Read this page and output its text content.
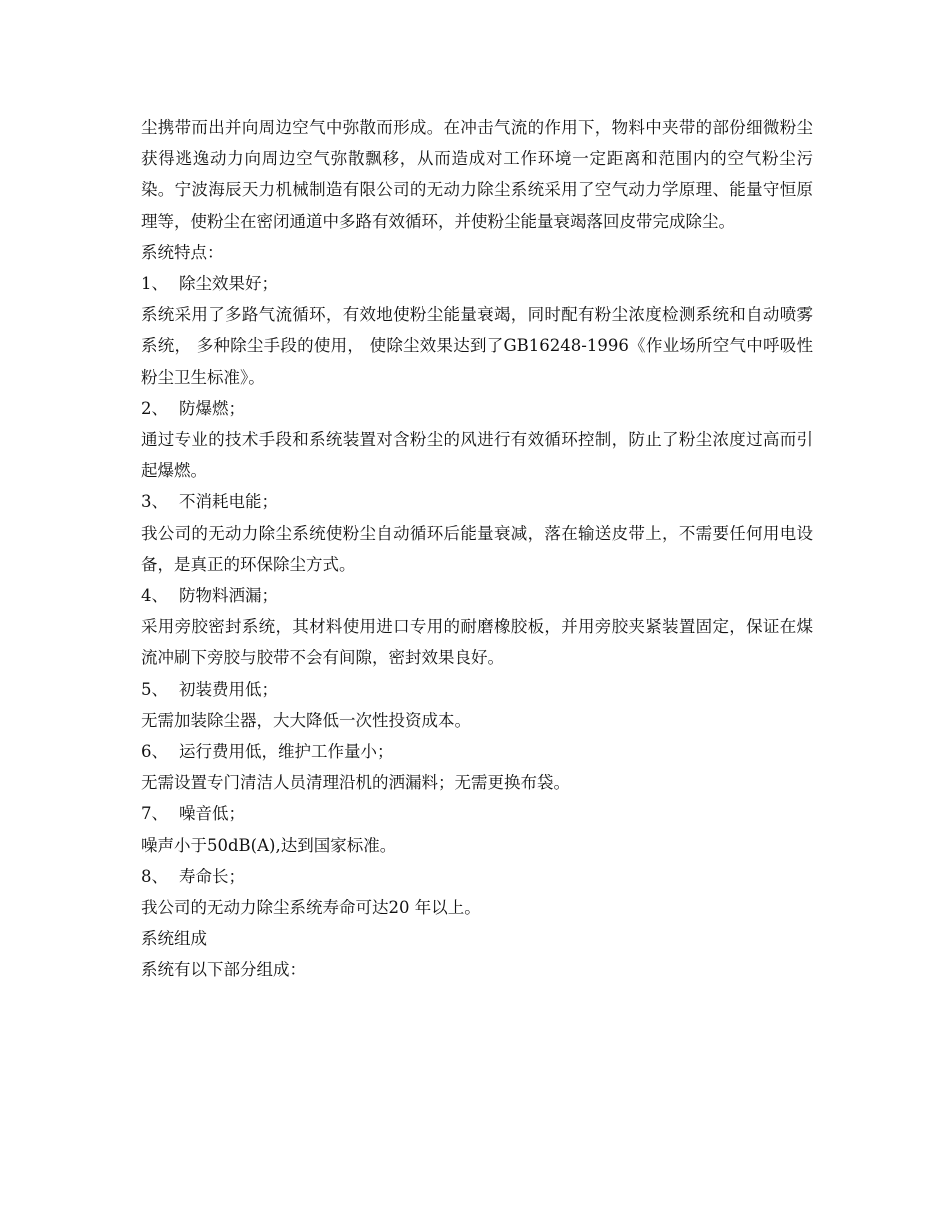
尘携带而出并向周边空气中弥散而形成。在冲击气流的作用下，物料中夹带的部份细微粉尘获得逃逸动力向周边空气弥散飘移，从而造成对工作环境一定距离和范围内的空气粉尘污染。宁波海辰天力机械制造有限公司的无动力除尘系统采用了空气动力学原理、能量守恒原理等，使粉尘在密闭通道中多路有效循环，并使粉尘能量衰竭落回皮带完成除尘。

系统特点：

1、 除尘效果好；

系统采用了多路气流循环，有效地使粉尘能量衰竭，同时配有粉尘浓度检测系统和自动喷雾系统， 多种除尘手段的使用， 使除尘效果达到了GB16248-1996《作业场所空气中呼吸性粉尘卫生标准》。

2、 防爆燃；

通过专业的技术手段和系统装置对含粉尘的风进行有效循环控制，防止了粉尘浓度过高而引起爆燃。

3、 不消耗电能；

我公司的无动力除尘系统使粉尘自动循环后能量衰减，落在输送皮带上，不需要任何用电设备，是真正的环保除尘方式。

4、 防物料洒漏；

采用旁胶密封系统，其材料使用进口专用的耐磨橡胶板，并用旁胶夹紧装置固定，保证在煤流冲刷下旁胶与胶带不会有间隙，密封效果良好。

5、 初装费用低；

无需加装除尘器，大大降低一次性投资成本。

6、 运行费用低，维护工作量小；

无需设置专门清洁人员清理沿机的洒漏料；无需更换布袋。

7、 噪音低；

噪声小于50dB(A),达到国家标准。

8、 寿命长；

我公司的无动力除尘系统寿命可达20 年以上。

系统组成

系统有以下部分组成：
